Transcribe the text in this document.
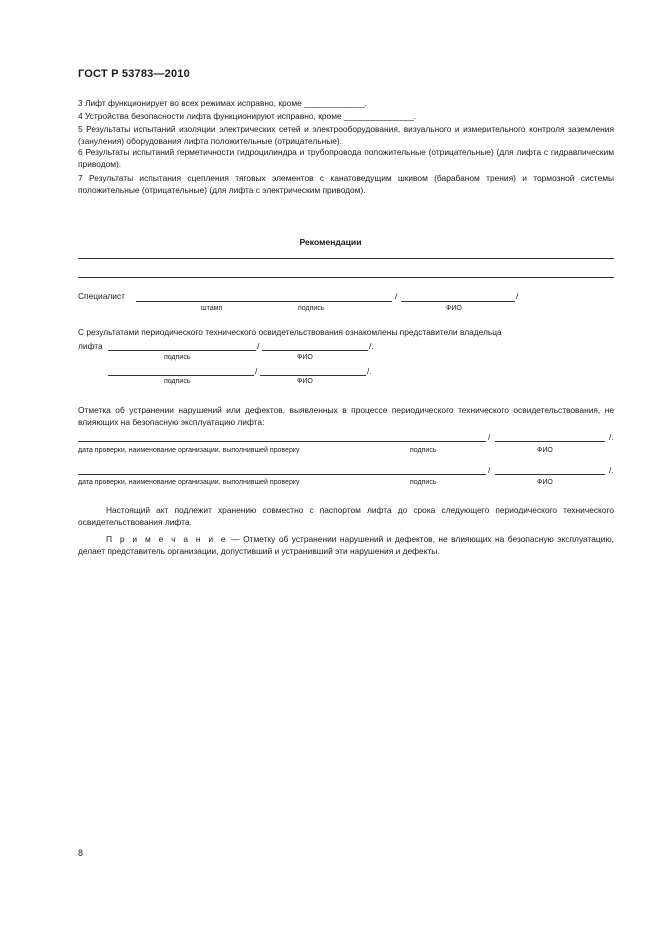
ГОСТ Р 53783—2010
3 Лифт функционирует во всех режимах исправно, кроме _____________.
4 Устройства безопасности лифта функционируют исправно, кроме _______________.
5 Результаты испытаний изоляции электрических сетей и электрооборудования, визуального и измерительного контроля заземления (зануления) оборудования лифта положительные (отрицательные).
6 Результаты испытаний герметичности гидроцилиндра и трубопровода положительные (отрицательные) (для лифта с гидравлическим приводом).
7 Результаты испытания сцепления тяговых элементов с канатоведущим шкивом (барабаном трения) и тормозной системы положительные (отрицательные) (для лифта с электрическим приводом).
Рекомендации
Специалист	/	/
штамп	подпись	ФИО
С результатами периодического технического освидетельствования ознакомлены представители владельца
лифта	/	/.
подпись	ФИО
/	/.
подпись	ФИО
Отметка об устранении нарушений или дефектов, выявленных в процессе периодического технического освидетельствования, не влияющих на безопасную эксплуатацию лифта:
/	/.
дата проверки, наименование организации, выполнившей проверку	подпись	ФИО
/	/.
дата проверки, наименование организации, выполнившей проверку	подпись	ФИО
Настоящий акт подлежит хранению совместно с паспортом лифта до срока следующего периодического технического освидетельствования лифта.
П р и м е ч а н и е — Отметку об устранении нарушений и дефектов, не влияющих на безопасную эксплуатацию, делает представитель организации, допустивший и устранивший эти нарушения и дефекты.
8
